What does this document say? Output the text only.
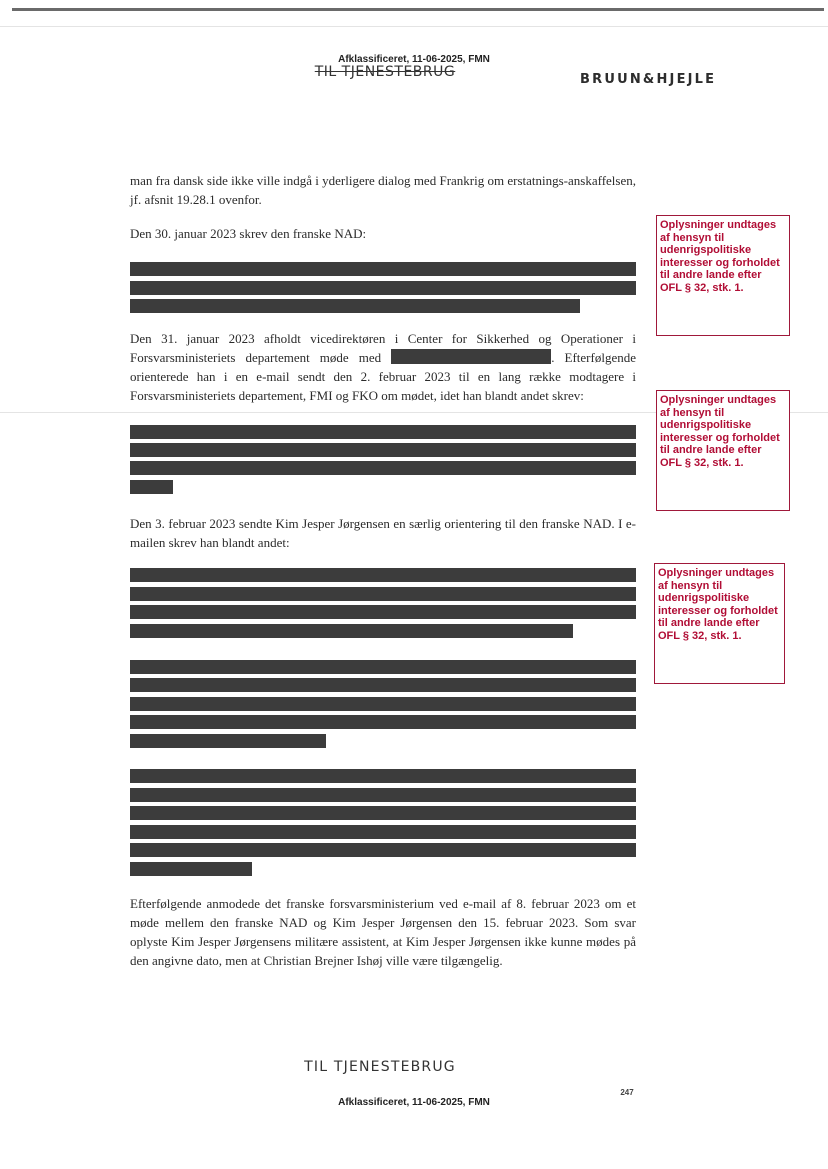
Afklassificeret, 11-06-2025, FMN
TIL TJENESTEBRUG	BRUUN&HJEJLE

man fra dansk side ikke ville indgå i yderligere dialog med Frankrig om erstatnings-anskaffelsen, jf. afsnit 19.28.1 ovenfor.

Den 30. januar 2023 skrev den franske NAD:

Den 31. januar 2023 afholdt vicedirektøren i Center for Sikkerhed og Operationer i Forsvarsministeriets departement møde med	. Efterfølgende orienterede han i en e-mail sendt den 2. februar 2023 til en lang række modtagere i Forsvarsministeriets departement, FMI og FKO om mødet, idet han blandt andet skrev:

Den 3. februar 2023 sendte Kim Jesper Jørgensen en særlig orientering til den franske NAD. I e-mailen skrev han blandt andet:

Efterfølgende anmodede det franske forsvarsministerium ved e-mail af 8. februar 2023 om et møde mellem den franske NAD og Kim Jesper Jørgensen den 15. februar 2023. Som svar oplyste Kim Jesper Jørgensens militære assistent, at Kim Jesper Jørgensen ikke kunne mødes på den angivne dato, men at Christian Brejner Ishøj ville være tilgængelig.

Oplysninger undtages af hensyn til udenrigspolitiske interesser og forholdet til andre lande efter OFL § 32, stk. 1.
Oplysninger undtages af hensyn til udenrigspolitiske interesser og forholdet til andre lande efter OFL § 32, stk. 1.
Oplysninger undtages af hensyn til udenrigspolitiske interesser og forholdet til andre lande efter OFL § 32, stk. 1.
TIL TJENESTEBRUG
247
Afklassificeret, 11-06-2025, FMN
